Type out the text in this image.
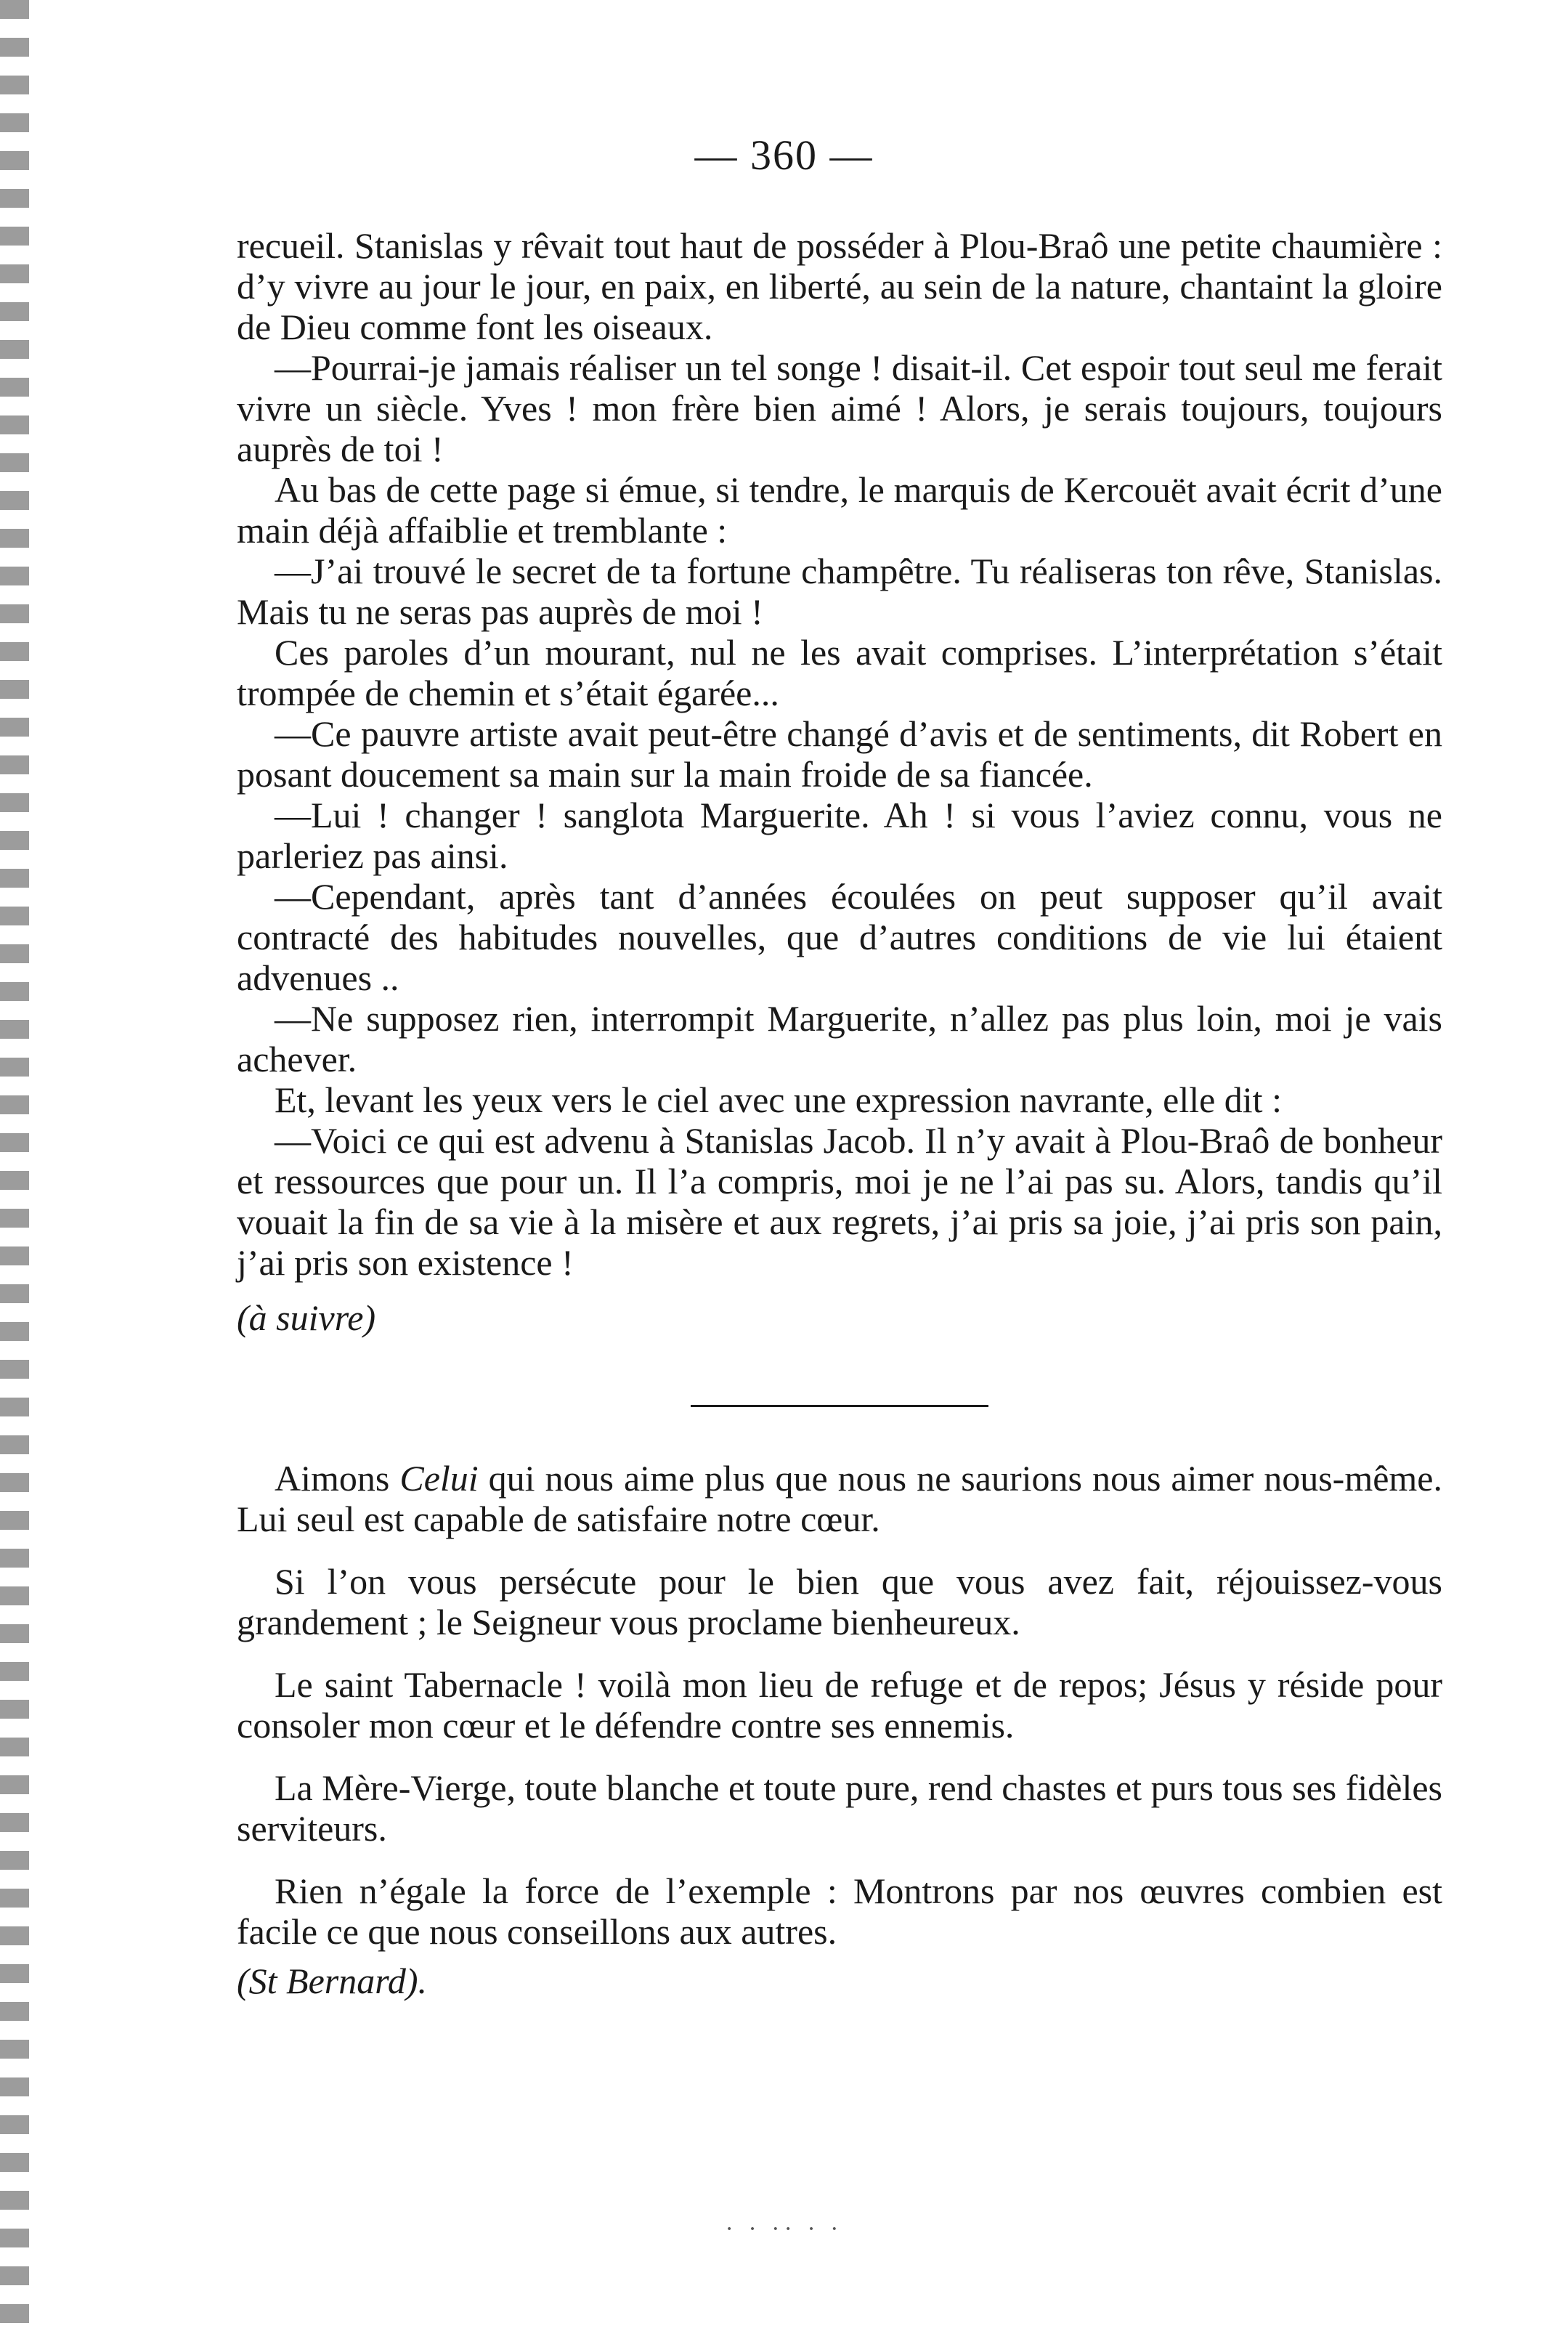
— 360 —

recueil. Stanislas y rêvait tout haut de posséder à Plou-Braô une petite chaumière : d’y vivre au jour le jour, en paix, en liberté, au sein de la nature, chantaint la gloire de Dieu comme font les oiseaux.

—Pourrai-je jamais réaliser un tel songe ! disait-il. Cet espoir tout seul me ferait vivre un siècle. Yves ! mon frère bien aimé ! Alors, je serais toujours, toujours auprès de toi !

Au bas de cette page si émue, si tendre, le marquis de Kercouët avait écrit d’une main déjà affaiblie et tremblante :

—J’ai trouvé le secret de ta fortune champêtre. Tu réaliseras ton rêve, Stanislas. Mais tu ne seras pas auprès de moi !

Ces paroles d’un mourant, nul ne les avait comprises. L’interprétation s’était trompée de chemin et s’était égarée...

—Ce pauvre artiste avait peut-être changé d’avis et de sentiments, dit Robert en posant doucement sa main sur la main froide de sa fiancée.

—Lui ! changer ! sanglota Marguerite. Ah ! si vous l’aviez connu, vous ne parleriez pas ainsi.

—Cependant, après tant d’années écoulées on peut supposer qu’il avait contracté des habitudes nouvelles, que d’autres conditions de vie lui étaient advenues ..

—Ne supposez rien, interrompit Marguerite, n’allez pas plus loin, moi je vais achever.

Et, levant les yeux vers le ciel avec une expression navrante, elle dit :

—Voici ce qui est advenu à Stanislas Jacob. Il n’y avait à Plou-Braô de bonheur et ressources que pour un. Il l’a compris, moi je ne l’ai pas su. Alors, tandis qu’il vouait la fin de sa vie à la misère et aux regrets, j’ai pris sa joie, j’ai pris son pain, j’ai pris son existence !

(à suivre)

Aimons Celui qui nous aime plus que nous ne saurions nous aimer nous-même. Lui seul est capable de satisfaire notre cœur.

Si l’on vous persécute pour le bien que vous avez fait, réjouissez-vous grandement ; le Seigneur vous proclame bienheureux.

Le saint Tabernacle ! voilà mon lieu de refuge et de repos; Jésus y réside pour consoler mon cœur et le défendre contre ses ennemis.

La Mère-Vierge, toute blanche et toute pure, rend chastes et purs tous ses fidèles serviteurs.

Rien n’égale la force de l’exemple : Montrons par nos œuvres combien est facile ce que nous conseillons aux autres.

(St Bernard).

· · ·· · ·
